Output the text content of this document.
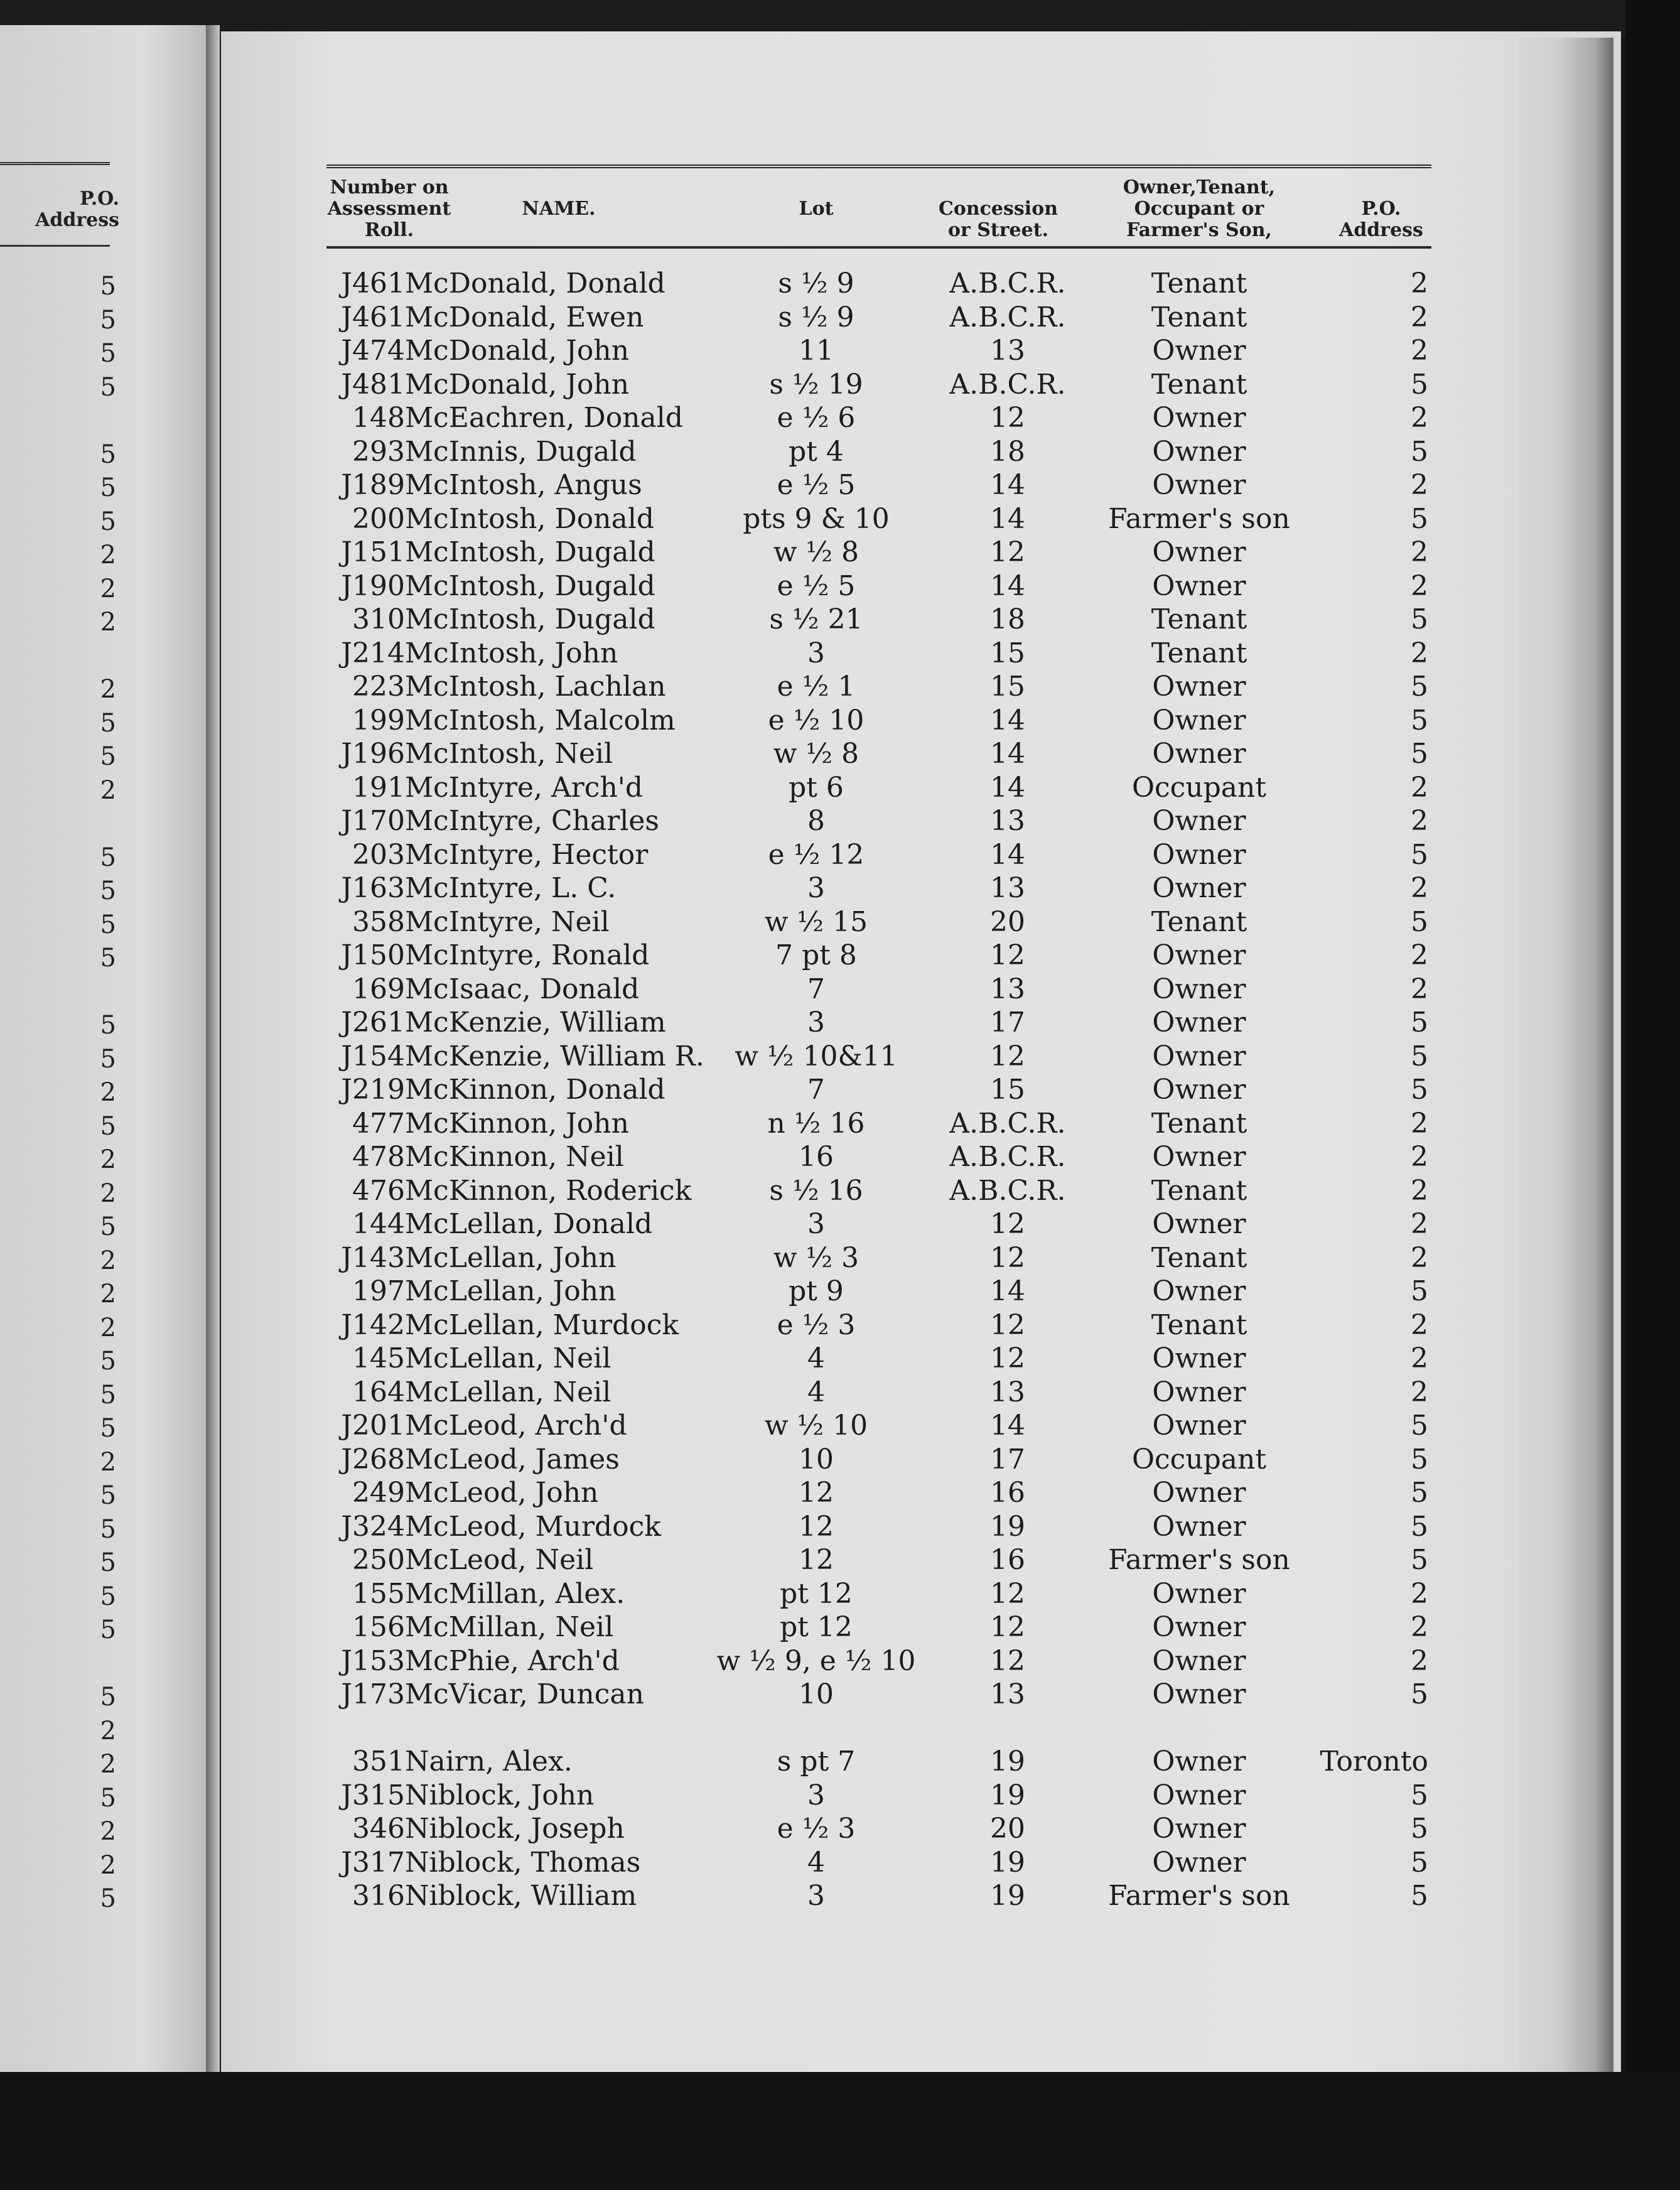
P.O.
Address
5
5
5
5
5
5
5
2
2
2
2
5
5
2
5
5
5
5
5
5
2
5
2
2
5
2
2
2
5
5
5
2
5
5
5
5
5
5
2
2
5
2
2
5
Number on
Assessment
Roll.
NAME.	Lot	Concession
or Street.
Owner,Tenant,
Occupant or
Farmer's Son,
P.O.
Address
J461 McDonald, Donald	s ½ 9	A.B.C.R.	Tenant	2
J461 McDonald, Ewen	s ½ 9	A.B.C.R.	Tenant	2
J474 McDonald, John	11	13	Owner	2
J481 McDonald, John	s ½ 19	A.B.C.R.	Tenant	5
148 McEachren, Donald	e ½ 6	12	Owner	2
293 McInnis, Dugald	pt 4	18	Owner	5
J189 McIntosh, Angus	e ½ 5	14	Owner	2
200 McIntosh, Donald	pts 9 & 10	14	Farmer's son	5
J151 McIntosh, Dugald	w ½ 8	12	Owner	2
J190 McIntosh, Dugald	e ½ 5	14	Owner	2
310 McIntosh, Dugald	s ½ 21	18	Tenant	5
J214 McIntosh, John	3	15	Tenant	2
223 McIntosh, Lachlan	e ½ 1	15	Owner	5
199 McIntosh, Malcolm	e ½ 10	14	Owner	5
J196 McIntosh, Neil	w ½ 8	14	Owner	5
191 McIntyre, Arch'd	pt 6	14	Occupant	2
J170 McIntyre, Charles	8	13	Owner	2
203 McIntyre, Hector	e ½ 12	14	Owner	5
J163 McIntyre, L. C.	3	13	Owner	2
358 McIntyre, Neil	w ½ 15	20	Tenant	5
J150 McIntyre, Ronald	7 pt 8	12	Owner	2
169 McIsaac, Donald	7	13	Owner	2
J261 McKenzie, William	3	17	Owner	5
J154 McKenzie, William R.	w ½ 10&11	12	Owner	5
J219 McKinnon, Donald	7	15	Owner	5
477 McKinnon, John	n ½ 16	A.B.C.R.	Tenant	2
478 McKinnon, Neil	16	A.B.C.R.	Owner	2
476 McKinnon, Roderick	s ½ 16	A.B.C.R.	Tenant	2
144 McLellan, Donald	3	12	Owner	2
J143 McLellan, John	w ½ 3	12	Tenant	2
197 McLellan, John	pt 9	14	Owner	5
J142 McLellan, Murdock	e ½ 3	12	Tenant	2
145 McLellan, Neil	4	12	Owner	2
164 McLellan, Neil	4	13	Owner	2
J201 McLeod, Arch'd	w ½ 10	14	Owner	5
J268 McLeod, James	10	17	Occupant	5
249 McLeod, John	12	16	Owner	5
J324 McLeod, Murdock	12	19	Owner	5
250 McLeod, Neil	12	16	Farmer's son	5
155 McMillan, Alex.	pt 12	12	Owner	2
156 McMillan, Neil	pt 12	12	Owner	2
J153 McPhie, Arch'd	w ½ 9, e ½ 10	12	Owner	2
J173 McVicar, Duncan	10	13	Owner	5
351 Nairn, Alex.	s pt 7	19	Owner	Toronto
J315 Niblock, John	3	19	Owner	5
346 Niblock, Joseph	e ½ 3	20	Owner	5
J317 Niblock, Thomas	4	19	Owner	5
316 Niblock, William	3	19	Farmer's son	5
